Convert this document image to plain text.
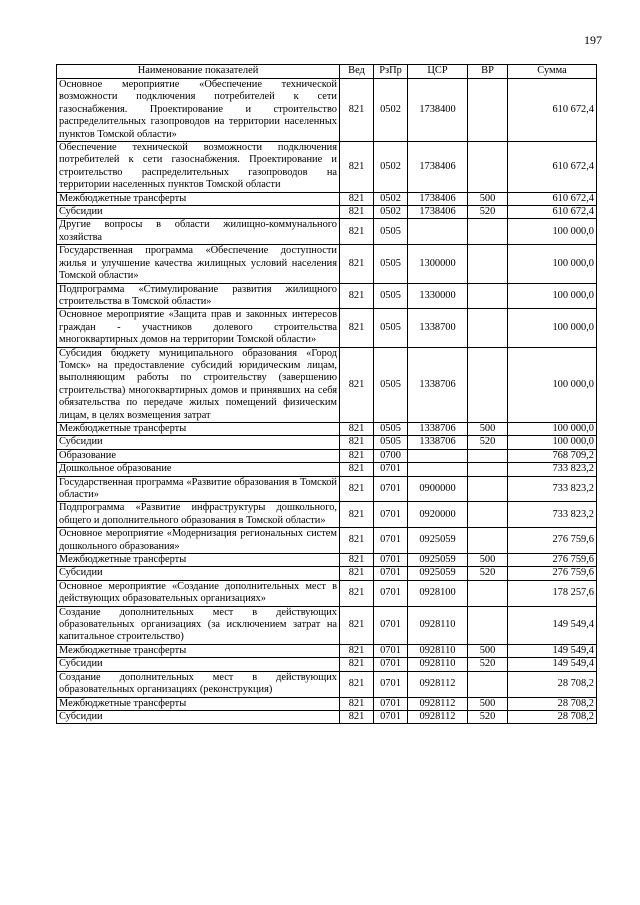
197
Наименование показателей	Вед	РзПр	ЦСР	ВР	Сумма
Основное мероприятие «Обеспечение технической возможности подключения потребителей к сети газоснабжения. Проектирование и строительство распределительных газопроводов на территории населенных пунктов Томской области»	821	0502	1738400		610 672,4
Обеспечение технической возможности подключения потребителей к сети газоснабжения. Проектирование и строительство распределительных газопроводов на территории населенных пунктов Томской области	821	0502	1738406		610 672,4
Межбюджетные трансферты	821	0502	1738406	500	610 672,4
Субсидии	821	0502	1738406	520	610 672,4
Другие вопросы в области жилищно-коммунального хозяйства	821	0505			100 000,0
Государственная программа «Обеспечение доступности жилья и улучшение качества жилищных условий населения Томской области»	821	0505	1300000		100 000,0
Подпрограмма «Стимулирование развития жилищного строительства в Томской области»	821	0505	1330000		100 000,0
Основное мероприятие «Защита прав и законных интересов граждан - участников долевого строительства многоквартирных домов на территории Томской области»	821	0505	1338700		100 000,0
Субсидия бюджету муниципального образования «Город Томск» на предоставление субсидий юридическим лицам, выполняющим работы по строительству (завершению строительства) многоквартирных домов и принявших на себя обязательства по передаче жилых помещений физическим лицам, в целях возмещения затрат	821	0505	1338706		100 000,0
Межбюджетные трансферты	821	0505	1338706	500	100 000,0
Субсидии	821	0505	1338706	520	100 000,0
Образование	821	0700			768 709,2
Дошкольное образование	821	0701			733 823,2
Государственная программа «Развитие образования в Томской области»	821	0701	0900000		733 823,2
Подпрограмма «Развитие инфраструктуры дошкольного, общего и дополнительного образования в Томской области»	821	0701	0920000		733 823,2
Основное мероприятие «Модернизация региональных систем дошкольного образования»	821	0701	0925059		276 759,6
Межбюджетные трансферты	821	0701	0925059	500	276 759,6
Субсидии	821	0701	0925059	520	276 759,6
Основное мероприятие «Создание дополнительных мест в действующих образовательных организациях»	821	0701	0928100		178 257,6
Создание дополнительных мест в действующих образовательных организациях (за исключением затрат на капитальное строительство)	821	0701	0928110		149 549,4
Межбюджетные трансферты	821	0701	0928110	500	149 549,4
Субсидии	821	0701	0928110	520	149 549,4
Создание дополнительных мест в действующих образовательных организациях (реконструкция)	821	0701	0928112		28 708,2
Межбюджетные трансферты	821	0701	0928112	500	28 708,2
Субсидии	821	0701	0928112	520	28 708,2
